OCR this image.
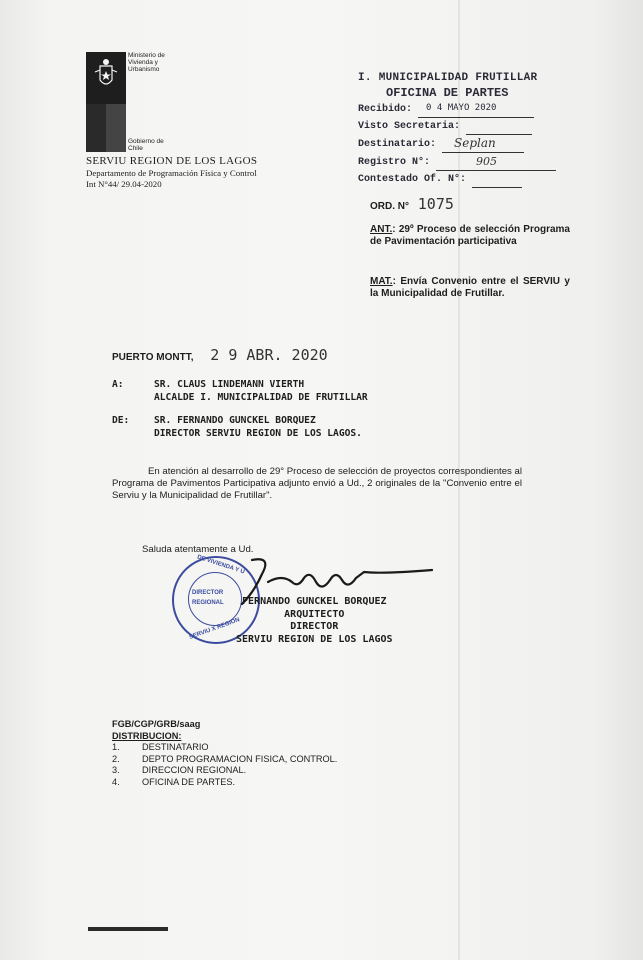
Ministerio de
Vivienda y
Urbanismo
Gobierno de Chile
SERVIU REGION DE LOS LAGOS
Departamento de Programación Física y Control
Int N°44/ 29.04-2020
I. MUNICIPALIDAD FRUTILLAR
OFICINA DE PARTES
Recibido: 0 4 MAYO 2020
Visto Secretaria:
Destinatario: Seplan
Registro N°:	905
Contestado Of. N°:
ORD. N° 1075
ANT.: 29º Proceso de selección Programa de Pavimentación participativa
MAT.: Envía Convenio entre el SERVIU y la Municipalidad de Frutillar.
PUERTO MONTT, 2 9 ABR. 2020
A:	SR. CLAUS LINDEMANN VIERTH
ALCALDE I. MUNICIPALIDAD DE FRUTILLAR
DE:	SR. FERNANDO GUNCKEL BORQUEZ
DIRECTOR SERVIU REGION DE LOS LAGOS.
En atención al desarrollo de 29° Proceso de selección de proyectos correspondientes al Programa de Pavimentos Participativa adjunto envió a Ud., 2 originales de la "Convenio entre el Serviu y la Municipalidad de Frutillar".
Saluda atentamente a Ud.
DE VIVIENDA Y U
DIRECTOR
REGIONAL
SERVIU X REGION
FERNANDO GUNCKEL BORQUEZ
ARQUITECTO
DIRECTOR
SERVIU REGION DE LOS LAGOS
FGB/CGP/GRB/saag
DISTRIBUCION:
1. DESTINATARIO
2. DEPTO PROGRAMACION FISICA, CONTROL.
3. DIRECCION REGIONAL.
4. OFICINA DE PARTES.
